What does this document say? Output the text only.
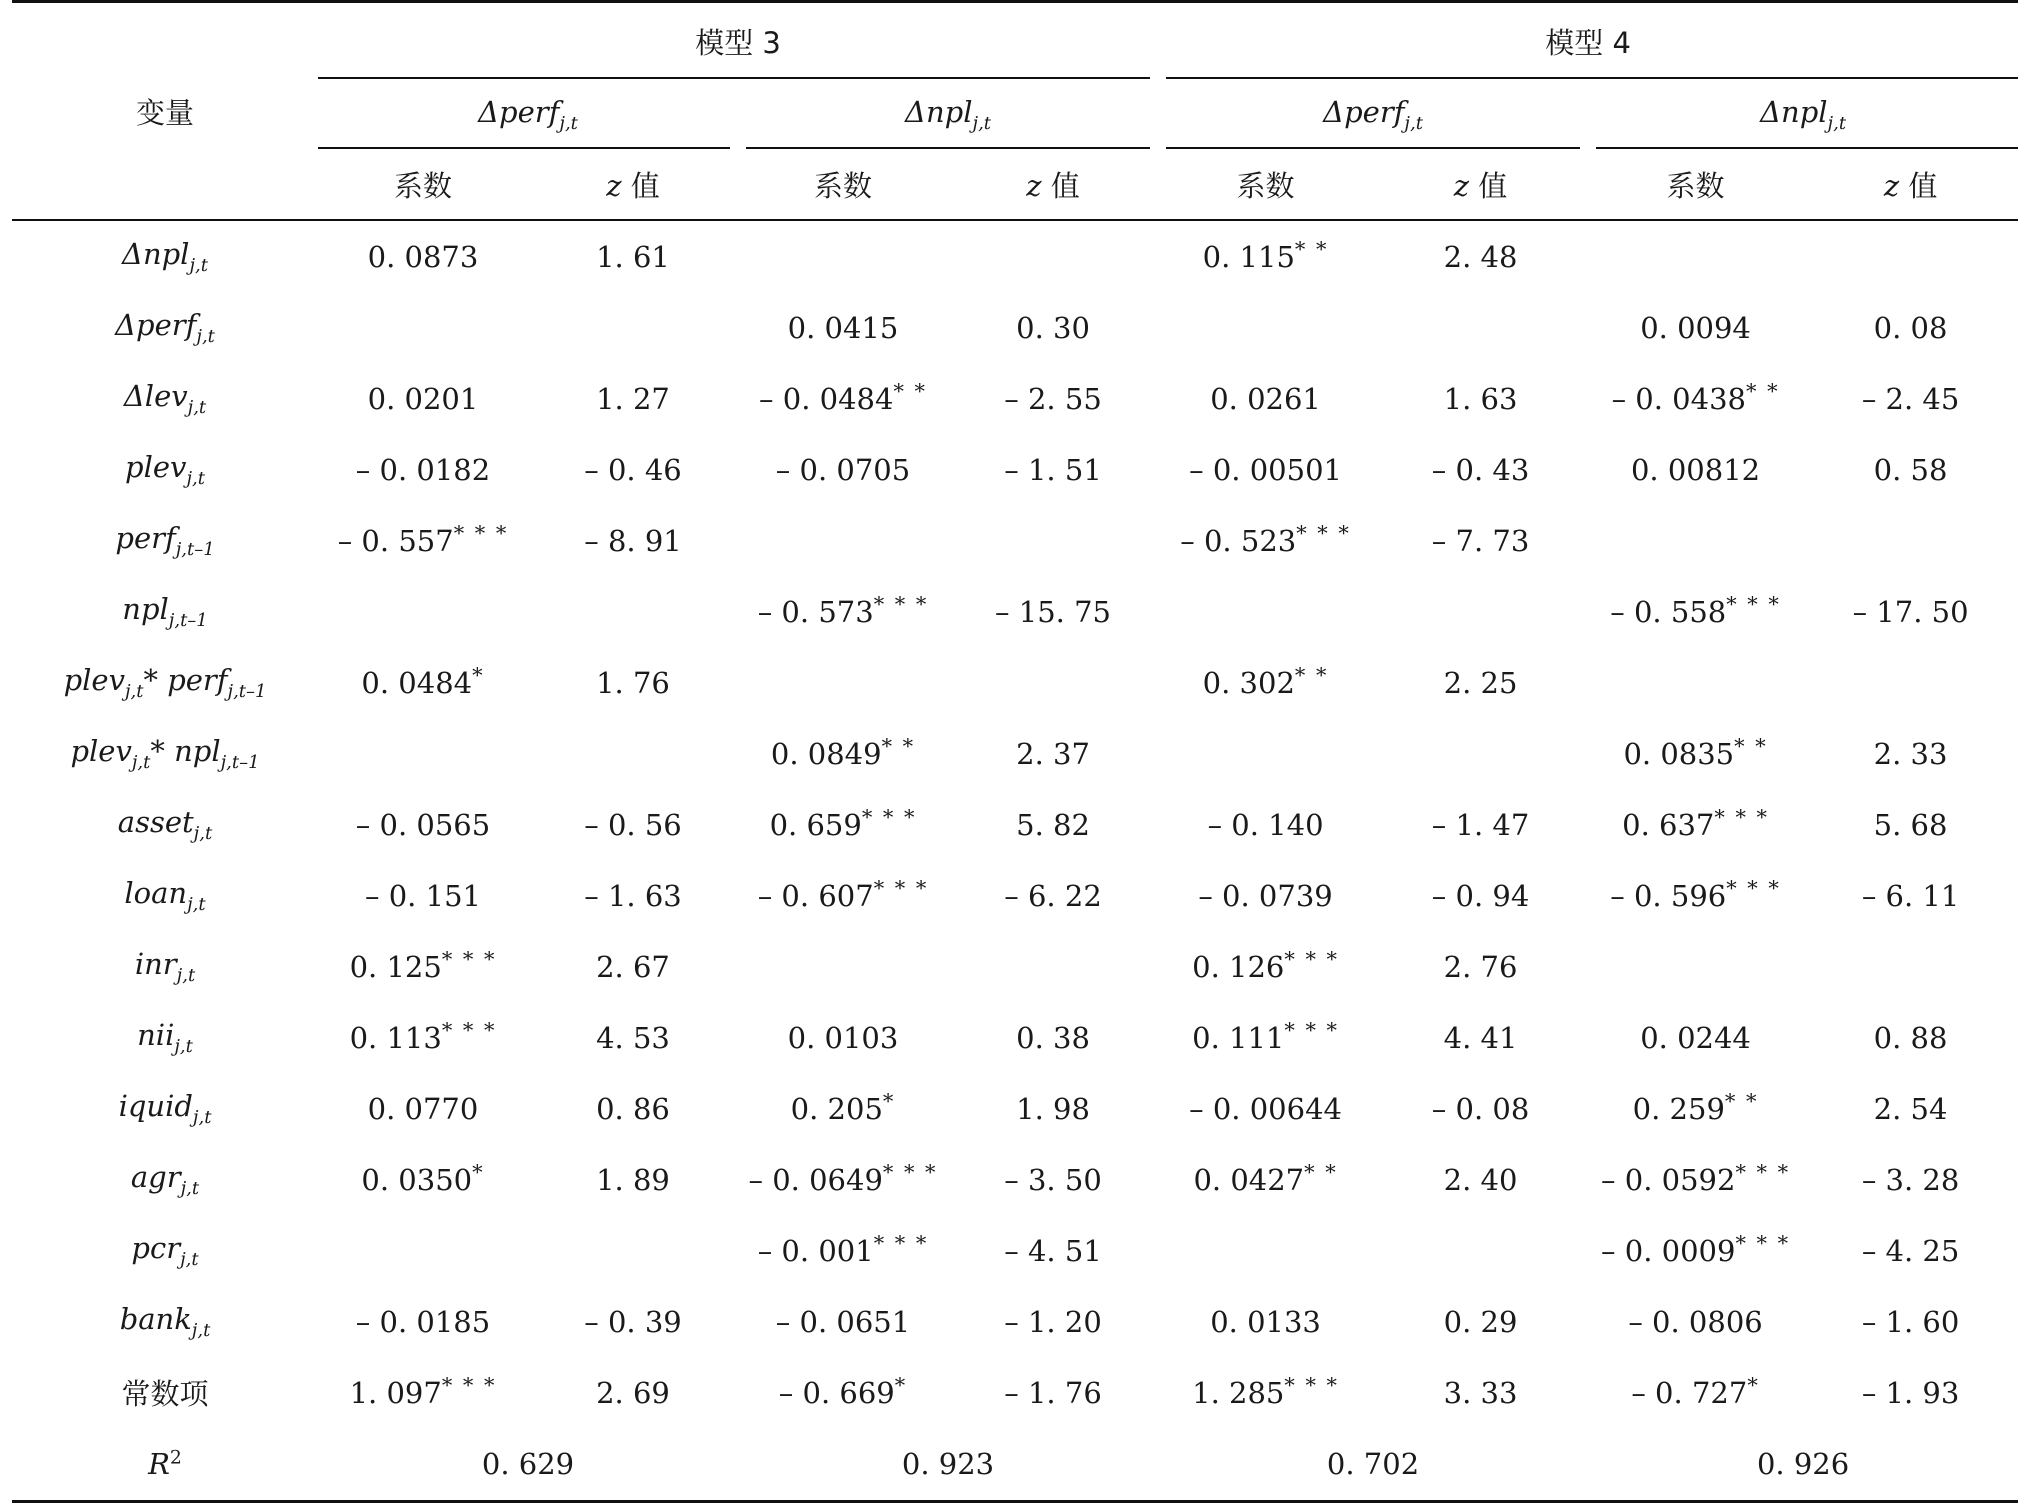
变量	模型 3				模型 4			
	Δperf$_{j,t}$		Δnpl$_{j,t}$		Δperf$_{j,t}$		Δnpl$_{j,t}$
	系数	z 值	系数	z 值	系数	z 值	系数	z 值
Δnpl$_{j,t}$	0. 0873	1. 61			0. 115* *	2. 48		
Δperf$_{j,t}$			0. 0415	0. 30			0. 0094	0. 08
Δlev$_{j,t}$	0. 0201	1. 27	– 0. 0484* *	– 2. 55	0. 0261	1. 63	– 0. 0438* *	– 2. 45
plev$_{j,t}$	– 0. 0182	– 0. 46	– 0. 0705	– 1. 51	– 0. 00501	– 0. 43	0. 00812	0. 58
perf$_{j,t-1}$	– 0. 557* * *	– 8. 91			– 0. 523* * *	– 7. 73		
npl$_{j,t-1}$			– 0. 573* * *	– 15. 75			– 0. 558* * *	– 17. 50
plev$_{j,t}$* perf$_{j,t-1}$	0. 0484*	1. 76			0. 302* *	2. 25		
plev$_{j,t}$* npl$_{j,t-1}$			0. 0849* *	2. 37			0. 0835* *	2. 33
asset$_{j,t}$	– 0. 0565	– 0. 56	0. 659* * *	5. 82	– 0. 140	– 1. 47	0. 637* * *	5. 68
loan$_{j,t}$	– 0. 151	– 1. 63	– 0. 607* * *	– 6. 22	– 0. 0739	– 0. 94	– 0. 596* * *	– 6. 11
inr$_{j,t}$	0. 125* * *	2. 67			0. 126* * *	2. 76		
nii$_{j,t}$	0. 113* * *	4. 53	0. 0103	0. 38	0. 111* * *	4. 41	0. 0244	0. 88
iquid$_{j,t}$	0. 0770	0. 86	0. 205*	1. 98	– 0. 00644	– 0. 08	0. 259* *	2. 54
agr$_{j,t}$	0. 0350*	1. 89	– 0. 0649* * *	– 3. 50	0. 0427* *	2. 40	– 0. 0592* * *	– 3. 28
pcr$_{j,t}$			– 0. 001* * *	– 4. 51			– 0. 0009* * *	– 4. 25
bank$_{j,t}$	– 0. 0185	– 0. 39	– 0. 0651	– 1. 20	0. 0133	0. 29	– 0. 0806	– 1. 60
常数项	1. 097* * *	2. 69	– 0. 669*	– 1. 76	1. 285* * *	3. 33	– 0. 727*	– 1. 93
$R^2$	0. 629		0. 923		0. 702		0. 926	
